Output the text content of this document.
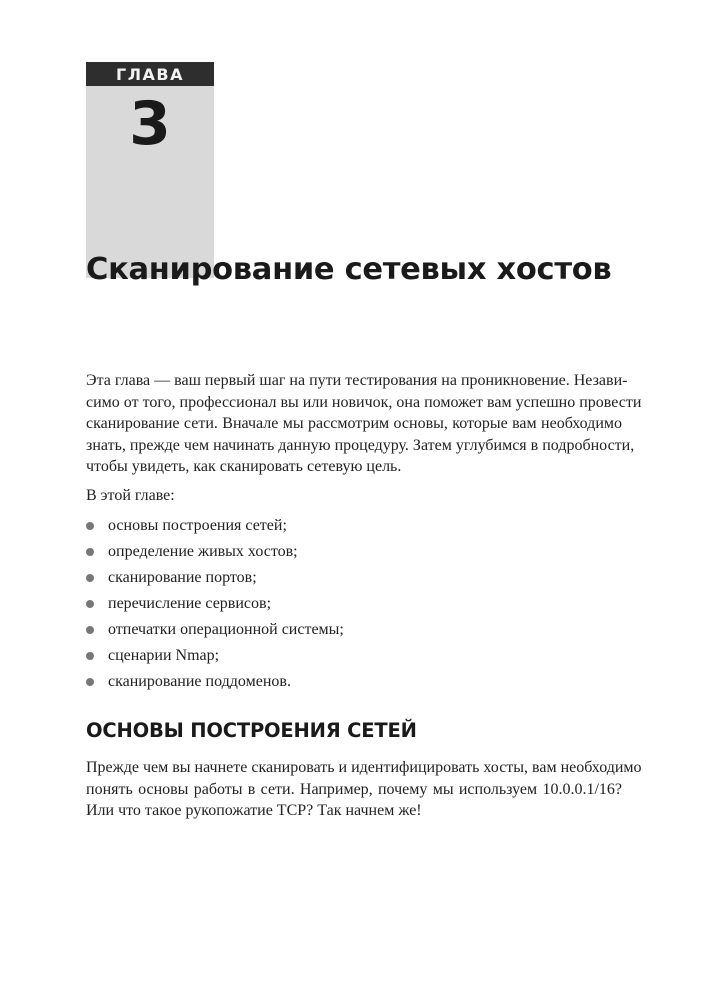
ГЛАВА
3
Сканирование сетевых хостов

Эта глава — ваш первый шаг на пути тестирования на проникновение. Незави-
симо от того, профессионал вы или новичок, она поможет вам успешно провести
сканирование сети. Вначале мы рассмотрим основы, которые вам необходимо
знать, прежде чем начинать данную процедуру. Затем углубимся в подробности,
чтобы увидеть, как сканировать сетевую цель.

В этой главе:

основы построения сетей;
определение живых хостов;
сканирование портов;
перечисление сервисов;
отпечатки операционной системы;
сценарии Nmap;
сканирование поддоменов.
ОСНОВЫ ПОСТРОЕНИЯ СЕТЕЙ

Прежде чем вы начнете сканировать и идентифицировать хосты, вам необходимо
понять основы работы в сети. Например, почему мы используем 10.0.0.1/16?
Или что такое рукопожатие TCP? Так начнем же!
